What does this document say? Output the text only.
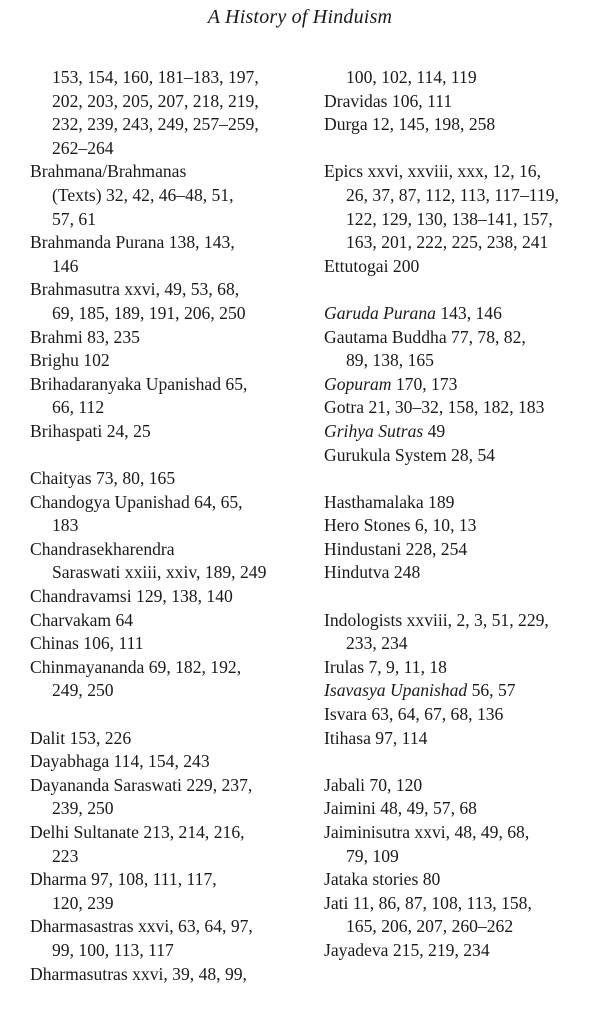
A History of Hinduism
153, 154, 160, 181–183, 197,
202, 203, 205, 207, 218, 219,
232, 239, 243, 249, 257–259,
262–264
Brahmana/Brahmanas
(Texts) 32, 42, 46–48, 51,
57, 61
Brahmanda Purana 138, 143,
146
Brahmasutra xxvi, 49, 53, 68,
69, 185, 189, 191, 206, 250
Brahmi 83, 235
Brighu 102
Brihadaranyaka Upanishad 65,
66, 112
Brihaspati 24, 25
Chaityas 73, 80, 165
Chandogya Upanishad 64, 65,
183
Chandrasekharendra
Saraswati xxiii, xxiv, 189, 249
Chandravamsi 129, 138, 140
Charvakam 64
Chinas 106, 111
Chinmayananda 69, 182, 192,
249, 250
Dalit 153, 226
Dayabhaga 114, 154, 243
Dayananda Saraswati 229, 237,
239, 250
Delhi Sultanate 213, 214, 216,
223
Dharma 97, 108, 111, 117,
120, 239
Dharmasastras xxvi, 63, 64, 97,
99, 100, 113, 117
Dharmasutras xxvi, 39, 48, 99,
100, 102, 114, 119
Dravidas 106, 111
Durga 12, 145, 198, 258
Epics xxvi, xxviii, xxx, 12, 16,
26, 37, 87, 112, 113, 117–119,
122, 129, 130, 138–141, 157,
163, 201, 222, 225, 238, 241
Ettutogai 200
Garuda Purana 143, 146
Gautama Buddha 77, 78, 82,
89, 138, 165
Gopuram 170, 173
Gotra 21, 30–32, 158, 182, 183
Grihya Sutras 49
Gurukula System 28, 54
Hasthamalaka 189
Hero Stones 6, 10, 13
Hindustani 228, 254
Hindutva 248
Indologists xxviii, 2, 3, 51, 229,
233, 234
Irulas 7, 9, 11, 18
Isavasya Upanishad 56, 57
Isvara 63, 64, 67, 68, 136
Itihasa 97, 114
Jabali 70, 120
Jaimini 48, 49, 57, 68
Jaiminisutra xxvi, 48, 49, 68,
79, 109
Jataka stories 80
Jati 11, 86, 87, 108, 113, 158,
165, 206, 207, 260–262
Jayadeva 215, 219, 234
